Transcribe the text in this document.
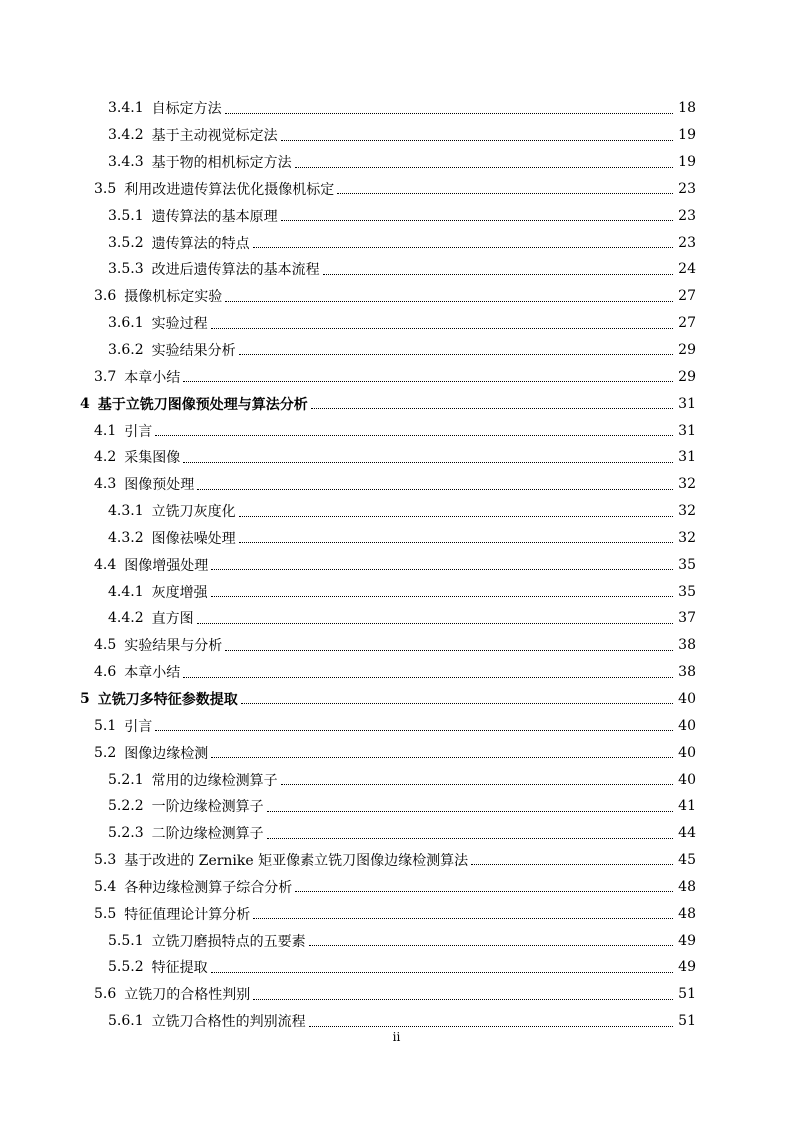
3.4.1 自标定方法	18
3.4.2 基于主动视觉标定法	19
3.4.3 基于物的相机标定方法	19
3.5 利用改进遗传算法优化摄像机标定	23
3.5.1 遗传算法的基本原理	23
3.5.2 遗传算法的特点	23
3.5.3 改进后遗传算法的基本流程	24
3.6 摄像机标定实验	27
3.6.1 实验过程	27
3.6.2 实验结果分析	29
3.7 本章小结	29
4 基于立铣刀图像预处理与算法分析	31
4.1 引言	31
4.2 采集图像	31
4.3 图像预处理	32
4.3.1 立铣刀灰度化	32
4.3.2 图像祛噪处理	32
4.4 图像增强处理	35
4.4.1 灰度增强	35
4.4.2 直方图	37
4.5 实验结果与分析	38
4.6 本章小结	38
5 立铣刀多特征参数提取	40
5.1 引言	40
5.2 图像边缘检测	40
5.2.1 常用的边缘检测算子	40
5.2.2 一阶边缘检测算子	41
5.2.3 二阶边缘检测算子	44
5.3 基于改进的 Zernike 矩亚像素立铣刀图像边缘检测算法	45
5.4 各种边缘检测算子综合分析	48
5.5 特征值理论计算分析	48
5.5.1 立铣刀磨损特点的五要素	49
5.5.2 特征提取	49
5.6 立铣刀的合格性判别	51
5.6.1 立铣刀合格性的判别流程	51
ii
